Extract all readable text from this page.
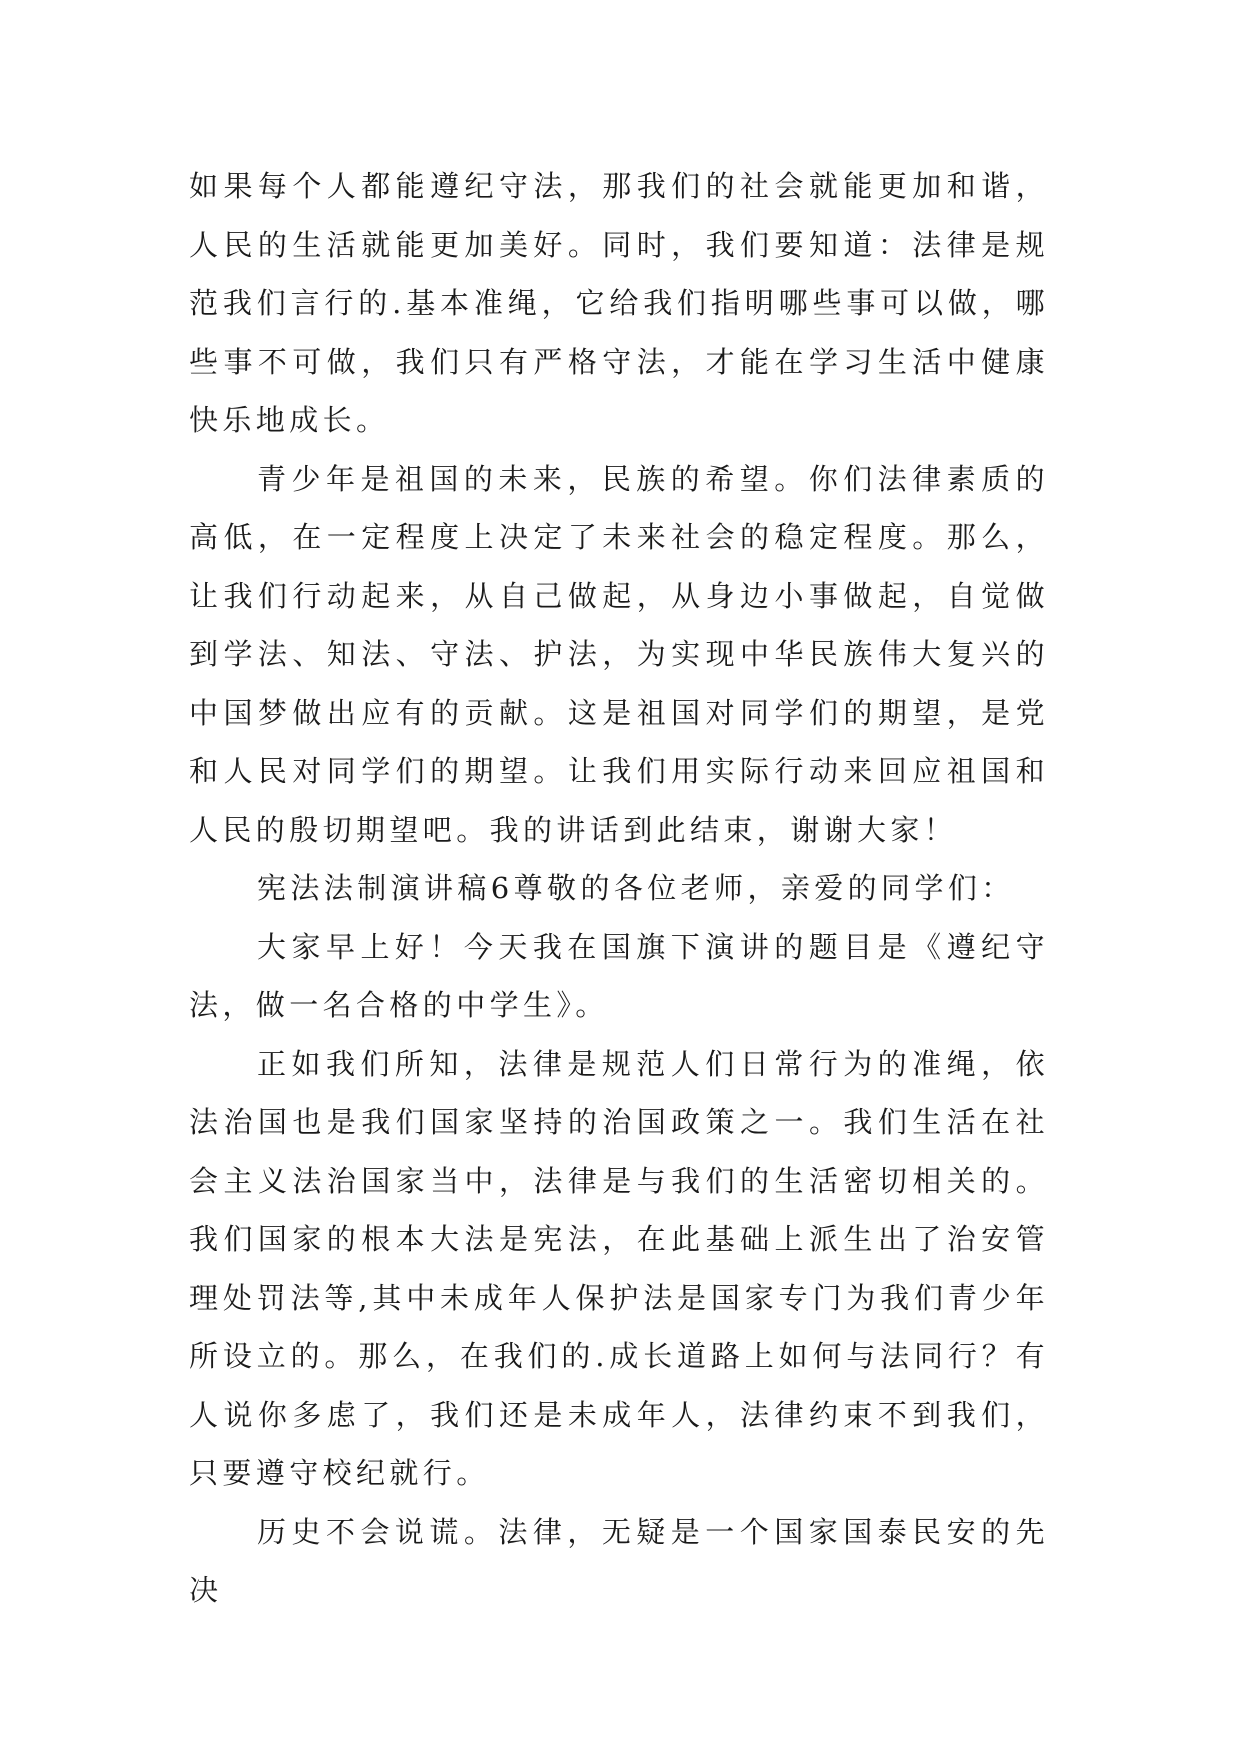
如果每个人都能遵纪守法，那我们的社会就能更加和谐，人民的生活就能更加美好。同时，我们要知道：法律是规范我们言行的.基本准绳，它给我们指明哪些事可以做，哪些事不可做，我们只有严格守法，才能在学习生活中健康快乐地成长。

青少年是祖国的未来，民族的希望。你们法律素质的高低，在一定程度上决定了未来社会的稳定程度。那么，让我们行动起来，从自己做起，从身边小事做起，自觉做到学法、知法、守法、护法，为实现中华民族伟大复兴的中国梦做出应有的贡献。这是祖国对同学们的期望，是党和人民对同学们的期望。让我们用实际行动来回应祖国和人民的殷切期望吧。我的讲话到此结束，谢谢大家！

宪法法制演讲稿6尊敬的各位老师，亲爱的同学们：

大家早上好！今天我在国旗下演讲的题目是《遵纪守法，做一名合格的中学生》。

正如我们所知，法律是规范人们日常行为的准绳，依法治国也是我们国家坚持的治国政策之一。我们生活在社会主义法治国家当中，法律是与我们的生活密切相关的。我们国家的根本大法是宪法，在此基础上派生出了治安管理处罚法等,其中未成年人保护法是国家专门为我们青少年所设立的。那么，在我们的.成长道路上如何与法同行？有人说你多虑了，我们还是未成年人，法律约束不到我们，只要遵守校纪就行。

历史不会说谎。法律，无疑是一个国家国泰民安的先决
